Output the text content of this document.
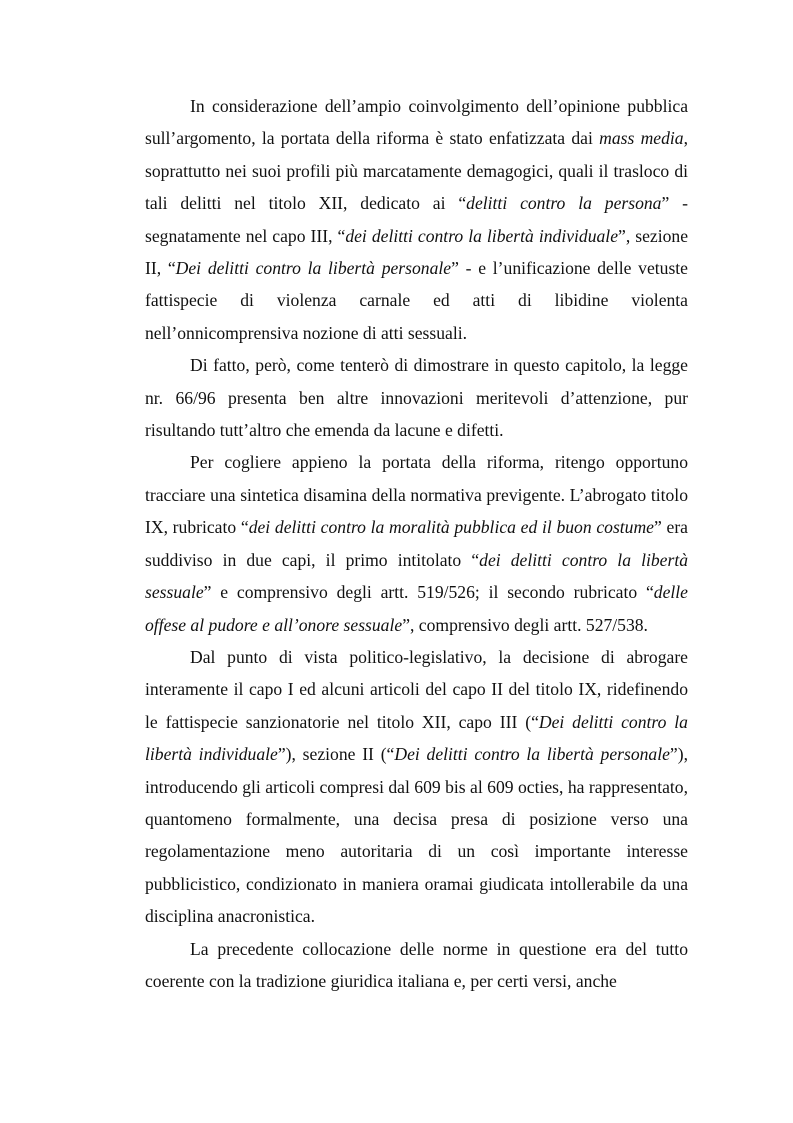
In considerazione dell’ampio coinvolgimento dell’opinione pubblica sull’argomento, la portata della riforma è stato enfatizzata dai mass media, soprattutto nei suoi profili più marcatamente demagogici, quali il trasloco di tali delitti nel titolo XII, dedicato ai “delitti contro la persona” - segnatamente nel capo III, “dei delitti contro la libertà individuale”, sezione II, “Dei delitti contro la libertà personale” - e l’unificazione delle vetuste fattispecie di violenza carnale ed atti di libidine violenta nell’onnicomprensiva nozione di atti sessuali.

Di fatto, però, come tenterò di dimostrare in questo capitolo, la legge nr. 66/96 presenta ben altre innovazioni meritevoli d’attenzione, pur risultando tutt’altro che emenda da lacune e difetti.

Per cogliere appieno la portata della riforma, ritengo opportuno tracciare una sintetica disamina della normativa previgente. L’abrogato titolo IX, rubricato “dei delitti contro la moralità pubblica ed il buon costume” era suddiviso in due capi, il primo intitolato “dei delitti contro la libertà sessuale” e comprensivo degli artt. 519/526; il secondo rubricato “delle offese al pudore e all’onore sessuale”, comprensivo degli artt. 527/538.

Dal punto di vista politico-legislativo, la decisione di abrogare interamente il capo I ed alcuni articoli del capo II del titolo IX, ridefinendo le fattispecie sanzionatorie nel titolo XII, capo III (“Dei delitti contro la libertà individuale”), sezione II (“Dei delitti contro la libertà personale”), introducendo gli articoli compresi dal 609 bis al 609 octies, ha rappresentato, quantomeno formalmente, una decisa presa di posizione verso una regolamentazione meno autoritaria di un così importante interesse pubblicistico, condizionato in maniera oramai giudicata intollerabile da una disciplina anacronistica.

La precedente collocazione delle norme in questione era del tutto coerente con la tradizione giuridica italiana e, per certi versi, anche
